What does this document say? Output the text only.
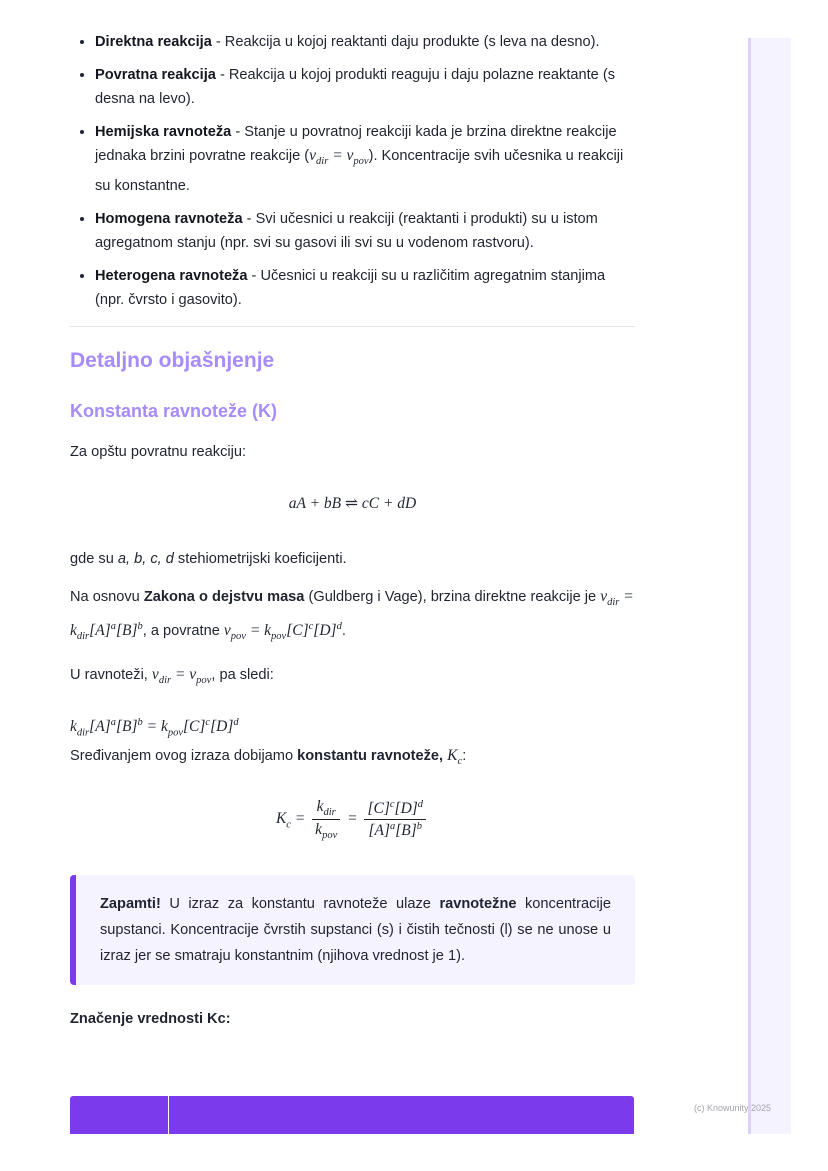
• Direktna reakcija - Reakcija u kojoj reaktanti daju produkte (s leva na desno).
• Povratna reakcija - Reakcija u kojoj produkti reaguju i daju polazne reaktante (s desna na levo).
• Hemijska ravnoteža - Stanje u povratnoj reakciji kada je brzina direktne reakcije jednaka brzini povratne reakcije $(v_{dir} = v_{pov})$. Koncentracije svih učesnika u reakciji su konstantne.
• Homogena ravnoteža - Svi učesnici u reakciji (reaktanti i produkti) su u istom agregatnom stanju (npr. svi su gasovi ili svi su u vodenom rastvoru).
• Heterogena ravnoteža - Učesnici u reakciji su u različitim agregatnim stanjima (npr. čvrsto i gasovito).
Detaljno objašnjenje
Konstanta ravnoteže (K)

Za opštu povratnu reakciju:

aA + bB ⇌ cC + dD

gde su a, b, c, d stehiometrijski koeficijenti.

Na osnovu Zakona o dejstvu masa (Guldberg i Vage), brzina direktne reakcije je $v_{dir} = k_{dir}[A]^a[B]^b$, a povratne $v_{pov} = k_{pov}[C]^c[D]^d$.

U ravnoteži, $v_{dir} = v_{pov}$, pa sledi:

$k_{dir}[A]^a[B]^b = k_{pov}[C]^c[D]^d$

Sređivanjem ovog izraza dobijamo konstantu ravnoteže, $K_c$:

$K_c = \frac{k_{dir}}{k_{pov}} = \frac{[C]^c[D]^d}{[A]^a[B]^b}$
Zapamti! U izraz za konstantu ravnoteže ulaze ravnotežne koncentracije supstanci. Koncentracije čvrstih supstanci (s) i čistih tečnosti (l) se ne unose u izraz jer se smatraju konstantnim (njihova vrednost je 1).

Značenje vrednosti Kc:

(c) Knowunity 2025
